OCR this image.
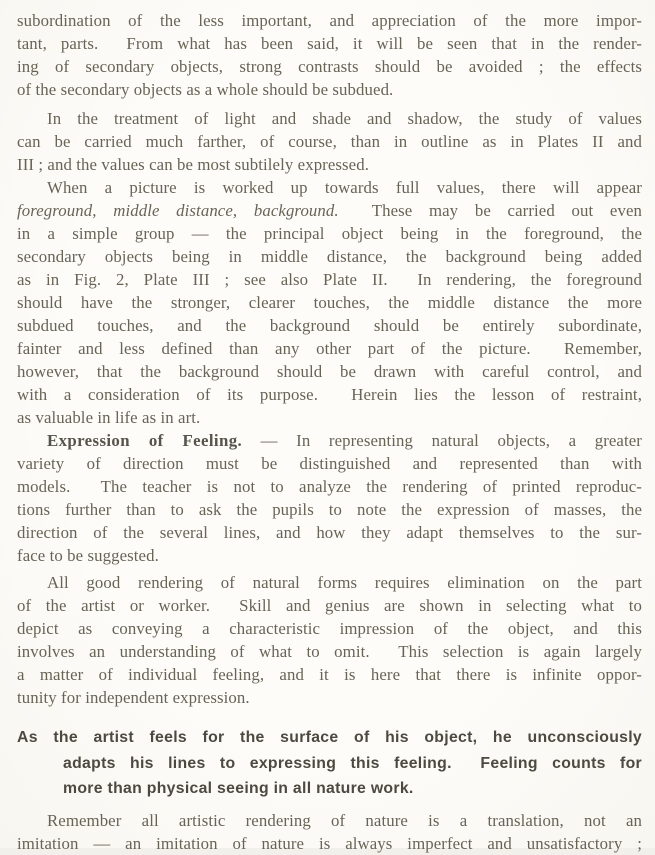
subordination of the less important, and appreciation of the more impor-
tant, parts.  From what has been said, it will be seen that in the render-
ing of secondary objects, strong contrasts should be avoided ; the effects
of the secondary objects as a whole should be subdued.
In the treatment of light and shade and shadow, the study of values
can be carried much farther, of course, than in outline as in Plates II and
III ; and the values can be most subtilely expressed.
When a picture is worked up towards full values, there will appear
foreground, middle distance, background.  These may be carried out even
in a simple group — the principal object being in the foreground, the
secondary objects being in middle distance, the background being added
as in Fig. 2, Plate III ; see also Plate II.  In rendering, the foreground
should have the stronger, clearer touches, the middle distance the more
subdued touches, and the background should be entirely subordinate,
fainter and less defined than any other part of the picture.  Remember,
however, that the background should be drawn with careful control, and
with a consideration of its purpose.  Herein lies the lesson of restraint,
as valuable in life as in art.
Expression of Feeling. — In representing natural objects, a greater
variety of direction must be distinguished and represented than with
models.  The teacher is not to analyze the rendering of printed reproduc-
tions further than to ask the pupils to note the expression of masses, the
direction of the several lines, and how they adapt themselves to the sur-
face to be suggested.
All good rendering of natural forms requires elimination on the part
of the artist or worker.  Skill and genius are shown in selecting what to
depict as conveying a characteristic impression of the object, and this
involves an understanding of what to omit.  This selection is again largely
a matter of individual feeling, and it is here that there is infinite oppor-
tunity for independent expression.
As the artist feels for the surface of his object, he unconsciously
adapts his lines to expressing this feeling.  Feeling counts for
more than physical seeing in all nature work.
Remember all artistic rendering of nature is a translation, not an
imitation — an imitation of nature is always imperfect and unsatisfactory ;
